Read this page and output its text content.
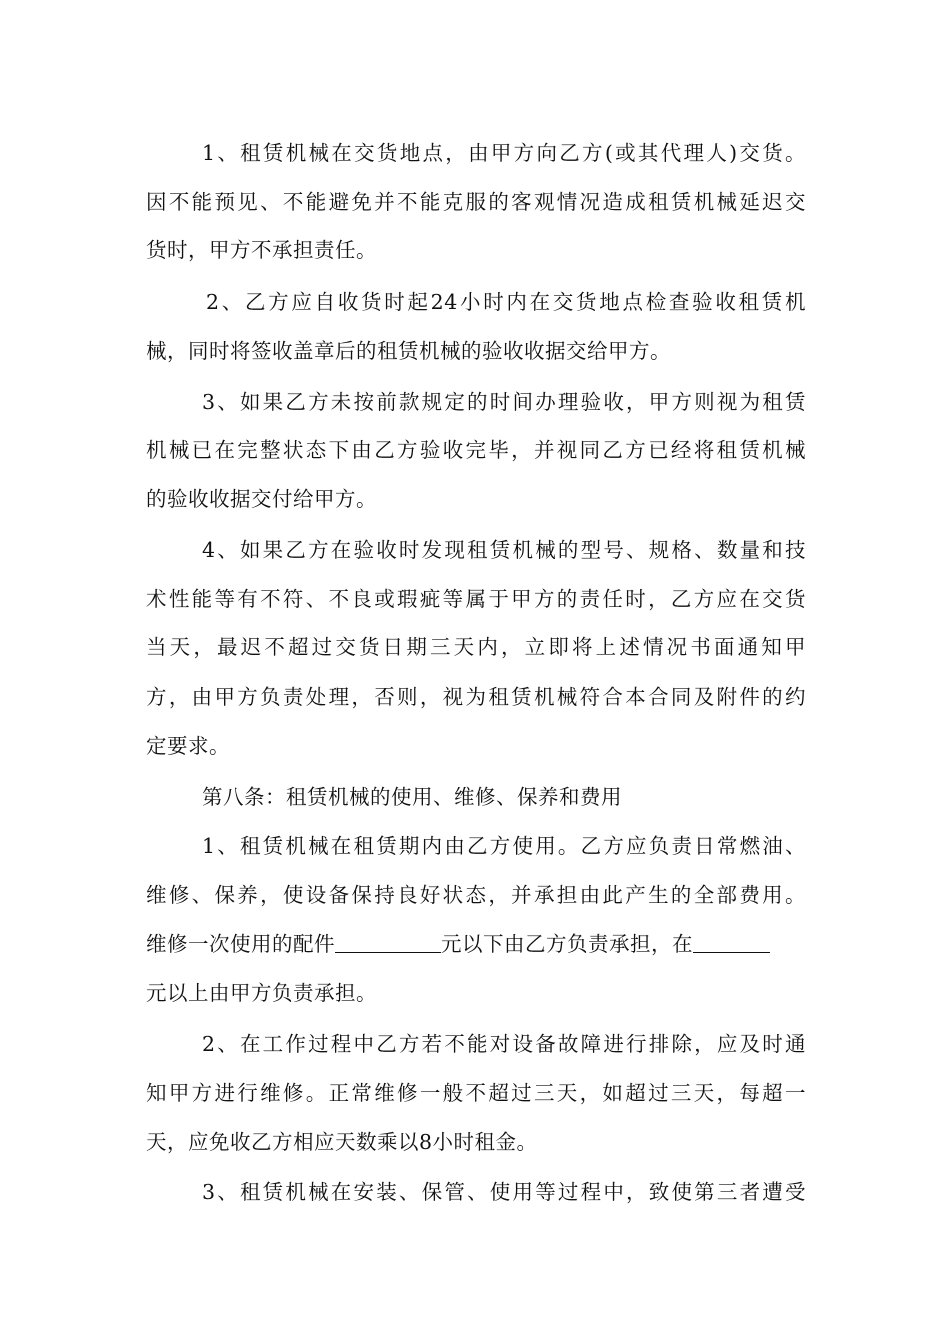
1、租赁机械在交货地点，由甲方向乙方(或其代理人)交货。
因不能预见、不能避免并不能克服的客观情况造成租赁机械延迟交
货时，甲方不承担责任。
2、乙方应自收货时起24小时内在交货地点检查验收租赁机
械，同时将签收盖章后的租赁机械的验收收据交给甲方。
3、如果乙方未按前款规定的时间办理验收，甲方则视为租赁
机械已在完整状态下由乙方验收完毕，并视同乙方已经将租赁机械
的验收收据交付给甲方。
4、如果乙方在验收时发现租赁机械的型号、规格、数量和技
术性能等有不符、不良或瑕疵等属于甲方的责任时，乙方应在交货
当天，最迟不超过交货日期三天内，立即将上述情况书面通知甲
方，由甲方负责处理，否则，视为租赁机械符合本合同及附件的约
定要求。
第八条：租赁机械的使用、维修、保养和费用
1、租赁机械在租赁期内由乙方使用。乙方应负责日常燃油、
维修、保养，使设备保持良好状态，并承担由此产生的全部费用。
维修一次使用的配件	元以下由乙方负责承担，在
元以上由甲方负责承担。
2、在工作过程中乙方若不能对设备故障进行排除，应及时通
知甲方进行维修。正常维修一般不超过三天，如超过三天，每超一
天，应免收乙方相应天数乘以8小时租金。
3、租赁机械在安装、保管、使用等过程中，致使第三者遭受
